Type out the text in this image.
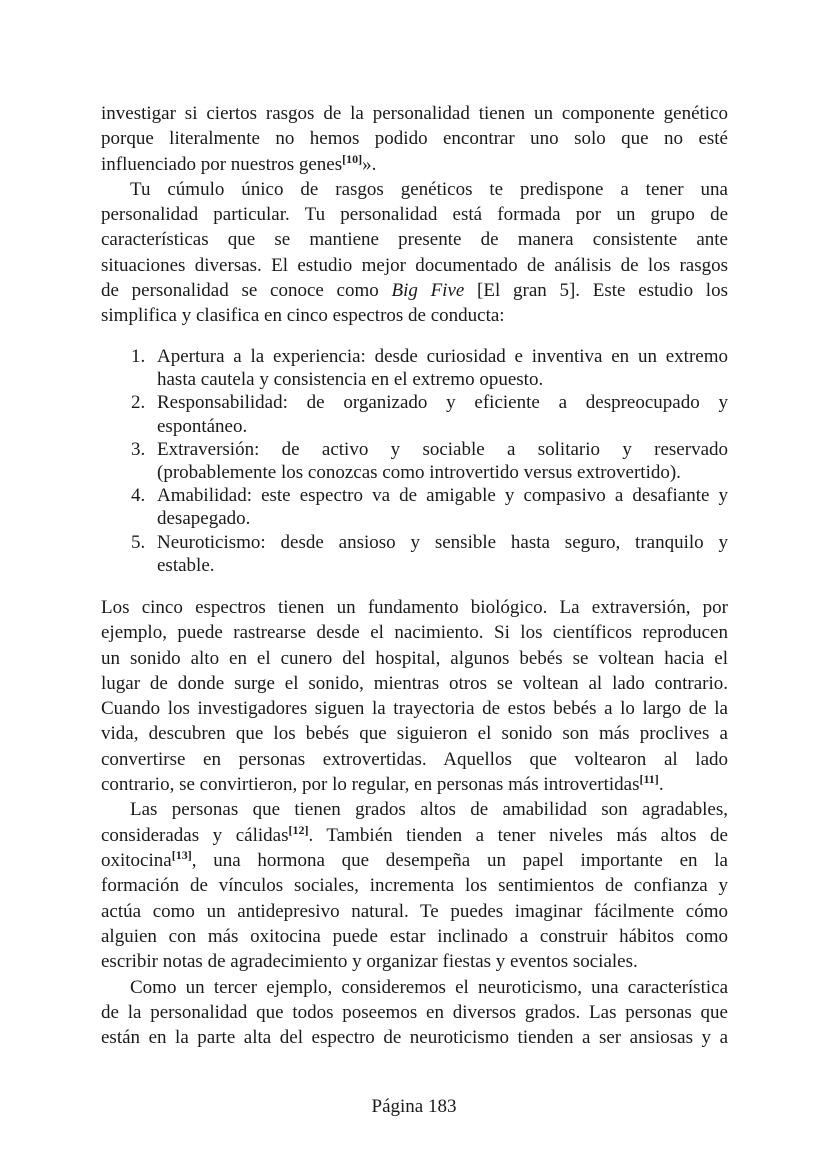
investigar si ciertos rasgos de la personalidad tienen un componente genético
porque literalmente no hemos podido encontrar uno solo que no esté
influenciado por nuestros genes[10]».
Tu cúmulo único de rasgos genéticos te predispone a tener una
personalidad particular. Tu personalidad está formada por un grupo de
características que se mantiene presente de manera consistente ante
situaciones diversas. El estudio mejor documentado de análisis de los rasgos
de personalidad se conoce como Big Five [El gran 5]. Este estudio los
simplifica y clasifica en cinco espectros de conducta:
1. Apertura a la experiencia: desde curiosidad e inventiva en un extremo
hasta cautela y consistencia en el extremo opuesto.
2. Responsabilidad: de organizado y eficiente a despreocupado y
espontáneo.
3. Extraversión: de activo y sociable a solitario y reservado
(probablemente los conozcas como introvertido versus extrovertido).
4. Amabilidad: este espectro va de amigable y compasivo a desafiante y
desapegado.
5. Neuroticismo: desde ansioso y sensible hasta seguro, tranquilo y
estable.
Los cinco espectros tienen un fundamento biológico. La extraversión, por
ejemplo, puede rastrearse desde el nacimiento. Si los científicos reproducen
un sonido alto en el cunero del hospital, algunos bebés se voltean hacia el
lugar de donde surge el sonido, mientras otros se voltean al lado contrario.
Cuando los investigadores siguen la trayectoria de estos bebés a lo largo de la
vida, descubren que los bebés que siguieron el sonido son más proclives a
convertirse en personas extrovertidas. Aquellos que voltearon al lado
contrario, se convirtieron, por lo regular, en personas más introvertidas[11].
Las personas que tienen grados altos de amabilidad son agradables,
consideradas y cálidas[12]. También tienden a tener niveles más altos de
oxitocina[13], una hormona que desempeña un papel importante en la
formación de vínculos sociales, incrementa los sentimientos de confianza y
actúa como un antidepresivo natural. Te puedes imaginar fácilmente cómo
alguien con más oxitocina puede estar inclinado a construir hábitos como
escribir notas de agradecimiento y organizar fiestas y eventos sociales.
Como un tercer ejemplo, consideremos el neuroticismo, una característica
de la personalidad que todos poseemos en diversos grados. Las personas que
están en la parte alta del espectro de neuroticismo tienden a ser ansiosas y a
Página 183
